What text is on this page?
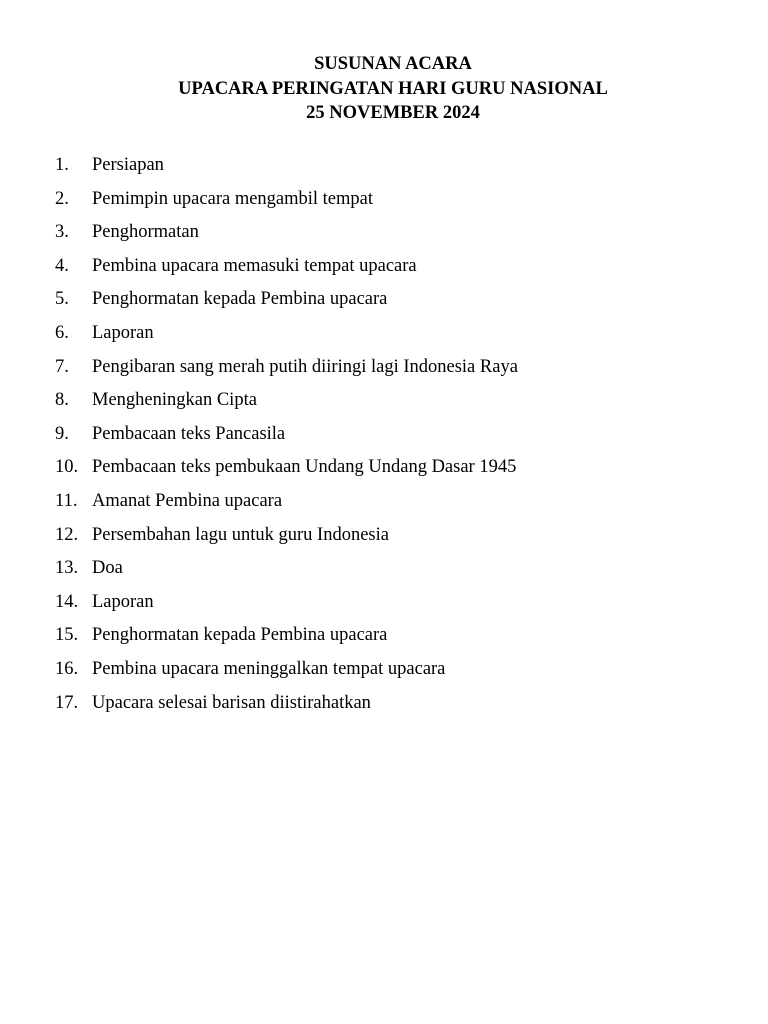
SUSUNAN ACARA
UPACARA PERINGATAN HARI GURU NASIONAL
25 NOVEMBER 2024
1. Persiapan
2. Pemimpin upacara mengambil tempat
3. Penghormatan
4. Pembina upacara memasuki tempat upacara
5. Penghormatan kepada Pembina upacara
6. Laporan
7. Pengibaran sang merah putih diiringi lagi Indonesia Raya
8. Mengheningkan Cipta
9. Pembacaan teks Pancasila
10. Pembacaan teks pembukaan Undang Undang Dasar 1945
11. Amanat Pembina upacara
12. Persembahan lagu untuk guru Indonesia
13. Doa
14. Laporan
15. Penghormatan kepada Pembina upacara
16. Pembina upacara meninggalkan tempat upacara
17. Upacara selesai barisan diistirahatkan
